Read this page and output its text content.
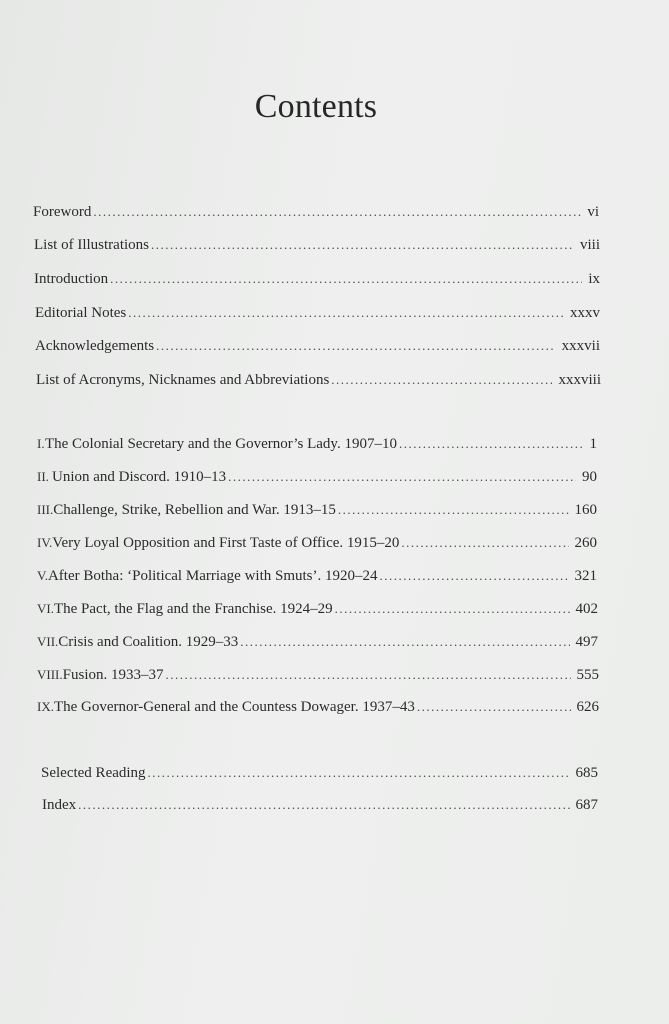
Contents
Foreword .....	vi
List of Illustrations .....	viii
Introduction .....	ix
Editorial Notes .....	xxxv
Acknowledgements .....	xxxvii
List of Acronyms, Nicknames and Abbreviations .....	xxxviii
I. The Colonial Secretary and the Governor’s Lady. 1907–10 .....	1
II. Union and Discord. 1910–13 .....	90
III. Challenge, Strike, Rebellion and War. 1913–15 .....	160
IV. Very Loyal Opposition and First Taste of Office. 1915–20 .....	260
V. After Botha: ‘Political Marriage with Smuts’. 1920–24 .....	321
VI. The Pact, the Flag and the Franchise. 1924–29 .....	402
VII. Crisis and Coalition. 1929–33 .....	497
VIII. Fusion. 1933–37 .....	555
IX. The Governor-General and the Countess Dowager. 1937–43 .....	626
Selected Reading .....	685
Index .....	687
